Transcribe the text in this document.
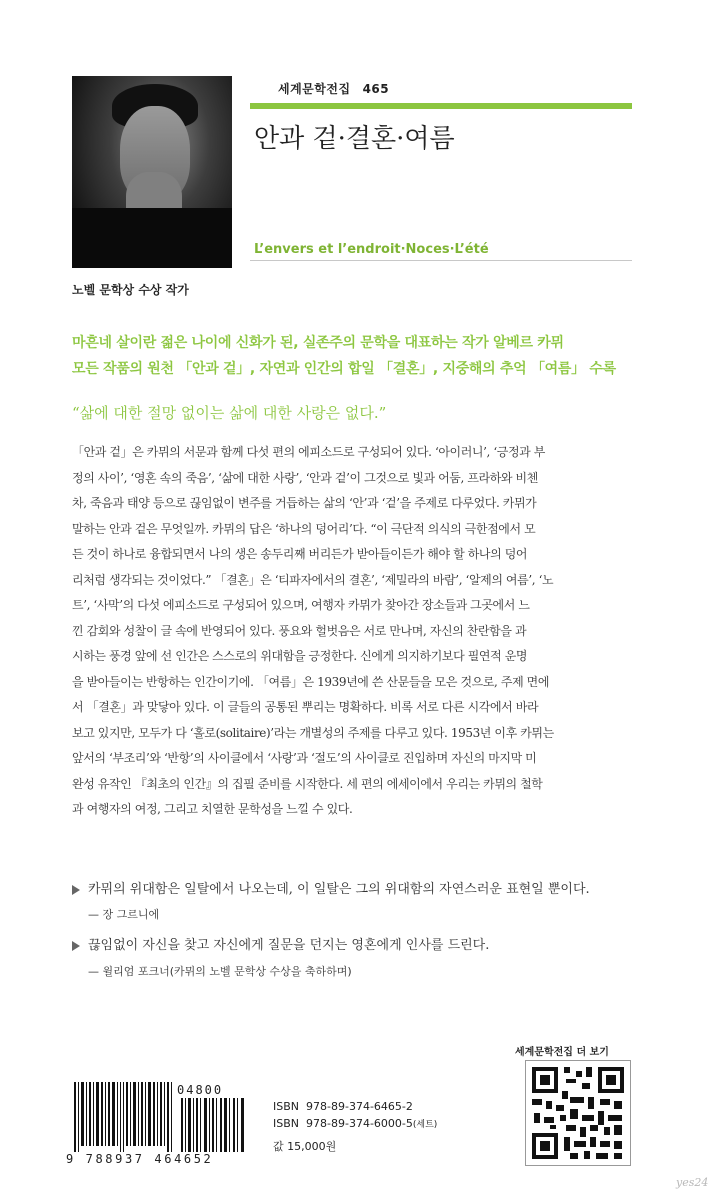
세계문학전집 465
안과 겉·결혼·여름
L’envers et l’endroit·Noces·L’été
노벨 문학상 수상 작가
마흔네 살이란 젊은 나이에 신화가 된, 실존주의 문학을 대표하는 작가 알베르 카뮈
모든 작품의 원천 「안과 겉」, 자연과 인간의 합일 「결혼」, 지중해의 추억 「여름」 수록
“삶에 대한 절망 없이는 삶에 대한 사랑은 없다.”
「안과 겉」은 카뮈의 서문과 함께 다섯 편의 에피소드로 구성되어 있다. ‘아이러니’, ‘긍정과 부
정의 사이’, ‘영혼 속의 죽음’, ‘삶에 대한 사랑’, ‘안과 겉’이 그것으로 빛과 어둠, 프라하와 비첸
차, 죽음과 태양 등으로 끊임없이 변주를 거듭하는 삶의 ‘안’과 ‘겉’을 주제로 다루었다. 카뮈가
말하는 안과 겉은 무엇일까. 카뮈의 답은 ‘하나의 덩어리’다. “이 극단적 의식의 극한점에서 모
든 것이 하나로 융합되면서 나의 생은 송두리째 버리든가 받아들이든가 해야 할 하나의 덩어
리처럼 생각되는 것이었다.” 「결혼」은 ‘티파자에서의 결혼’, ‘제밀라의 바람’, ‘알제의 여름’, ‘노
트’, ‘사막’의 다섯 에피소드로 구성되어 있으며, 여행자 카뮈가 찾아간 장소들과 그곳에서 느
낀 감회와 성찰이 글 속에 반영되어 있다. 풍요와 헐벗음은 서로 만나며, 자신의 찬란함을 과
시하는 풍경 앞에 선 인간은 스스로의 위대함을 긍정한다. 신에게 의지하기보다 필연적 운명
을 받아들이는 반항하는 인간이기에. 「여름」은 1939년에 쓴 산문들을 모은 것으로, 주제 면에
서 「결혼」과 맞닿아 있다. 이 글들의 공통된 뿌리는 명확하다. 비록 서로 다른 시각에서 바라
보고 있지만, 모두가 다 ‘홀로(solitaire)’라는 개별성의 주제를 다루고 있다. 1953년 이후 카뮈는
앞서의 ‘부조리’와 ‘반항’의 사이클에서 ‘사랑’과 ‘절도’의 사이클로 진입하며 자신의 마지막 미
완성 유작인 『최초의 인간』의 집필 준비를 시작한다. 세 편의 에세이에서 우리는 카뮈의 철학
과 여행자의 여정, 그리고 치열한 문학성을 느낄 수 있다.
카뮈의 위대함은 일탈에서 나오는데, 이 일탈은 그의 위대함의 자연스러운 표현일 뿐이다.
— 장 그르니에
끊임없이 자신을 찾고 자신에게 질문을 던지는 영혼에게 인사를 드린다.
— 윌리엄 포크너(카뮈의 노벨 문학상 수상을 축하하며)
세계문학전집 더 보기
04800
9 788937 464652
ISBN 978-89-374-6465-2
ISBN 978-89-374-6000-5(세트)
값 15,000원
yes24
